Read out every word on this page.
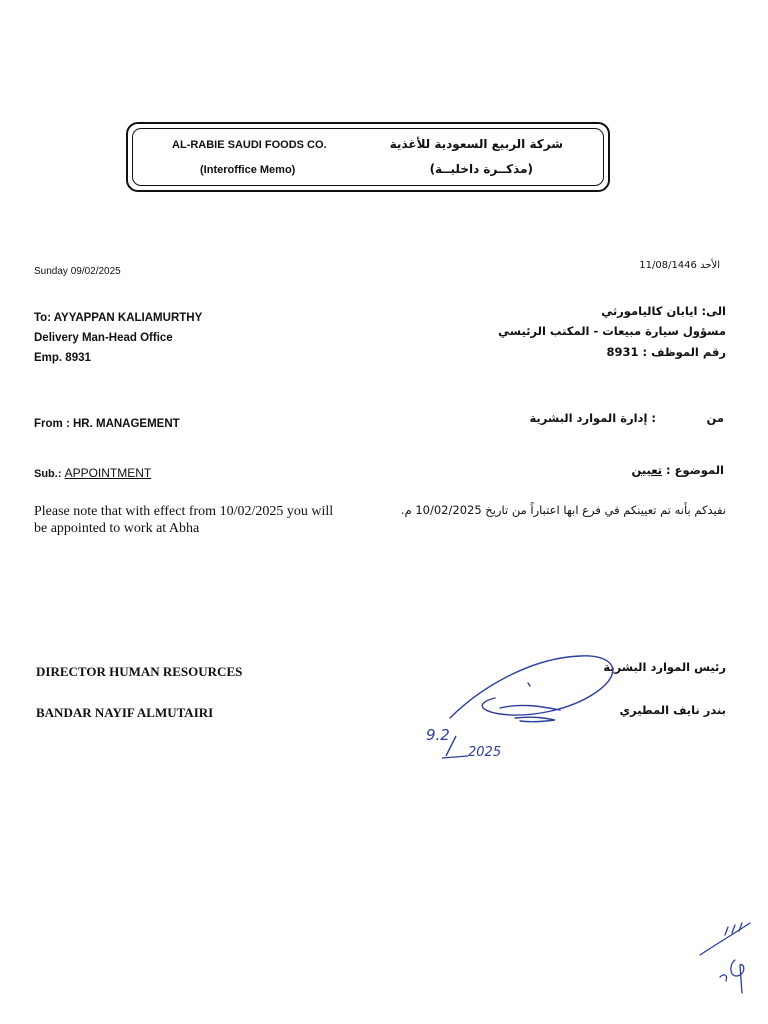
AL-RABIE SAUDI FOODS CO.
(Interoffice Memo)
شركة الربيع السعودية للأغذية
(مذكــرة داخليــة)
Sunday 09/02/2025
الأحد 11/08/1446
To: AYYAPPAN KALIAMURTHY
Delivery Man-Head Office
Emp. 8931
الى: ايابان كاليامورثي
مسؤول سيارة مبيعات - المكتب الرئيسي
رقم الموظف : 8931
From : HR. MANAGEMENT	من
: إدارة الموارد البشرية
Sub.: APPOINTMENT	الموضوع : تعيين
Please note that with effect from 10/02/2025 you will
be appointed to work at Abha
نفيدكم بأنه تم تعيينكم في فرع ابها اعتباراً من تاريخ 10/02/2025 م.
DIRECTOR HUMAN RESOURCES
BANDAR NAYIF ALMUTAIRI
رئيس الموارد البشرية
بندر نايف المطيري
9.2
2025
